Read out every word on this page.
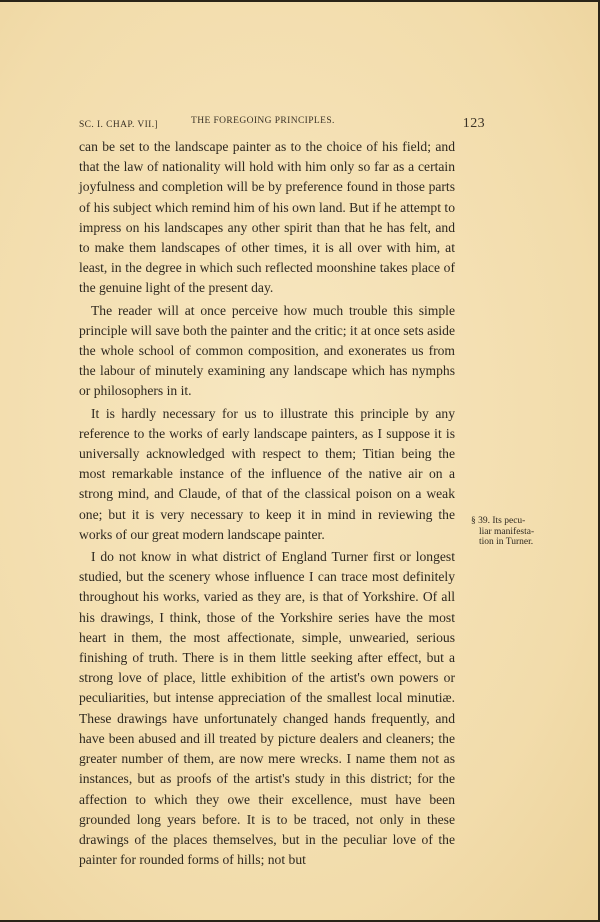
SC. I. CHAP. VII.]	THE FOREGOING PRINCIPLES.	123

can be set to the landscape painter as to the choice of his field; and that the law of nationality will hold with him only so far as a certain joyfulness and completion will be by preference found in those parts of his subject which remind him of his own land. But if he attempt to impress on his landscapes any other spirit than that he has felt, and to make them landscapes of other times, it is all over with him, at least, in the degree in which such reflected moonshine takes place of the genuine light of the present day.

The reader will at once perceive how much trouble this simple principle will save both the painter and the critic; it at once sets aside the whole school of common composition, and exonerates us from the labour of minutely examining any landscape which has nymphs or philosophers in it.

It is hardly necessary for us to illustrate this principle by any reference to the works of early landscape painters, as I suppose it is universally acknowledged with respect to them; Titian being the most remarkable instance of the influence of the native air on a strong mind, and Claude, of that of the classical poison on a weak one; but it is very necessary to keep it in mind in reviewing the works of our great modern landscape painter.

I do not know in what district of England Turner first or longest studied, but the scenery whose influence I can trace most definitely throughout his works, varied as they are, is that of Yorkshire. Of all his drawings, I think, those of the Yorkshire series have the most heart in them, the most affectionate, simple, unwearied, serious finishing of truth. There is in them little seeking after effect, but a strong love of place, little exhibition of the artist's own powers or peculiarities, but intense appreciation of the smallest local minutiæ. These drawings have unfortunately changed hands frequently, and have been abused and ill treated by picture dealers and cleaners; the greater number of them, are now mere wrecks. I name them not as instances, but as proofs of the artist's study in this district; for the affection to which they owe their excellence, must have been grounded long years before. It is to be traced, not only in these drawings of the places themselves, but in the peculiar love of the painter for rounded forms of hills; not but

§ 39. Its pecu-
liar manifesta-
tion in Turner.
